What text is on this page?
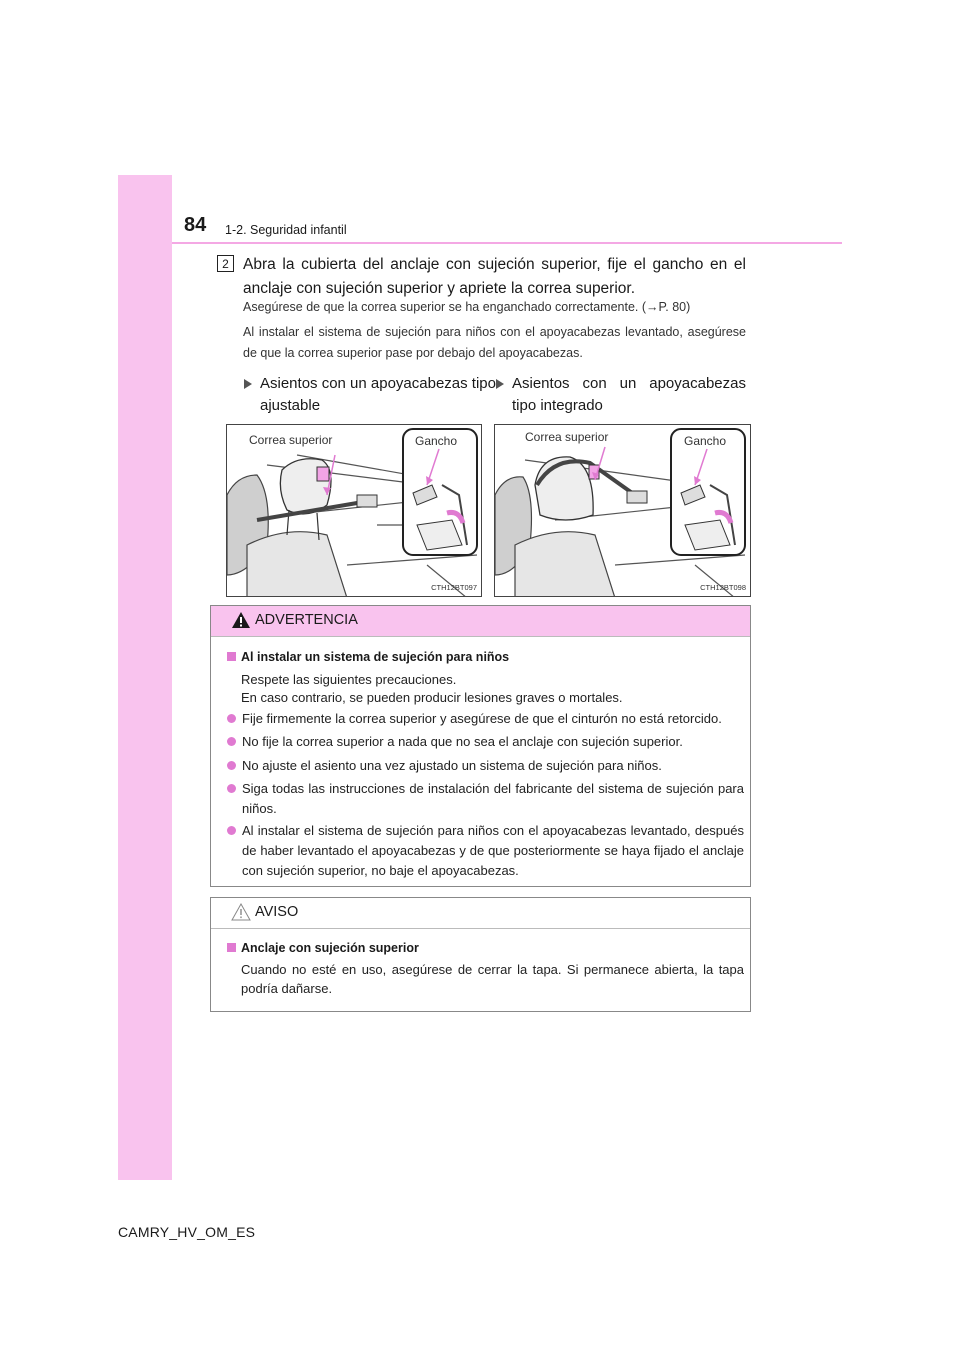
84 1-2. Seguridad infantil
2 Abra la cubierta del anclaje con sujeción superior, fije el gancho en el anclaje con sujeción superior y apriete la correa superior.
Asegúrese de que la correa superior se ha enganchado correctamente. (→P. 80)
Al instalar el sistema de sujeción para niños con el apoyacabezas levantado, asegúrese de que la correa superior pase por debajo del apoyacabezas.
Asientos con un apoyacabezas tipo ajustable
Asientos con un apoyacabezas tipo integrado
Correa superior	Gancho
CTH12BT097
Correa superior	Gancho
CTH12BT098
ADVERTENCIA
Al instalar un sistema de sujeción para niños
Respete las siguientes precauciones.
En caso contrario, se pueden producir lesiones graves o mortales.
Fije firmemente la correa superior y asegúrese de que el cinturón no está retorcido.
No fije la correa superior a nada que no sea el anclaje con sujeción superior.
No ajuste el asiento una vez ajustado un sistema de sujeción para niños.
Siga todas las instrucciones de instalación del fabricante del sistema de sujeción para niños.
Al instalar el sistema de sujeción para niños con el apoyacabezas levantado, después de haber levantado el apoyacabezas y de que posteriormente se haya fijado el anclaje con sujeción superior, no baje el apoyacabezas.
AVISO
Anclaje con sujeción superior
Cuando no esté en uso, asegúrese de cerrar la tapa. Si permanece abierta, la tapa podría dañarse.
CAMRY_HV_OM_ES
